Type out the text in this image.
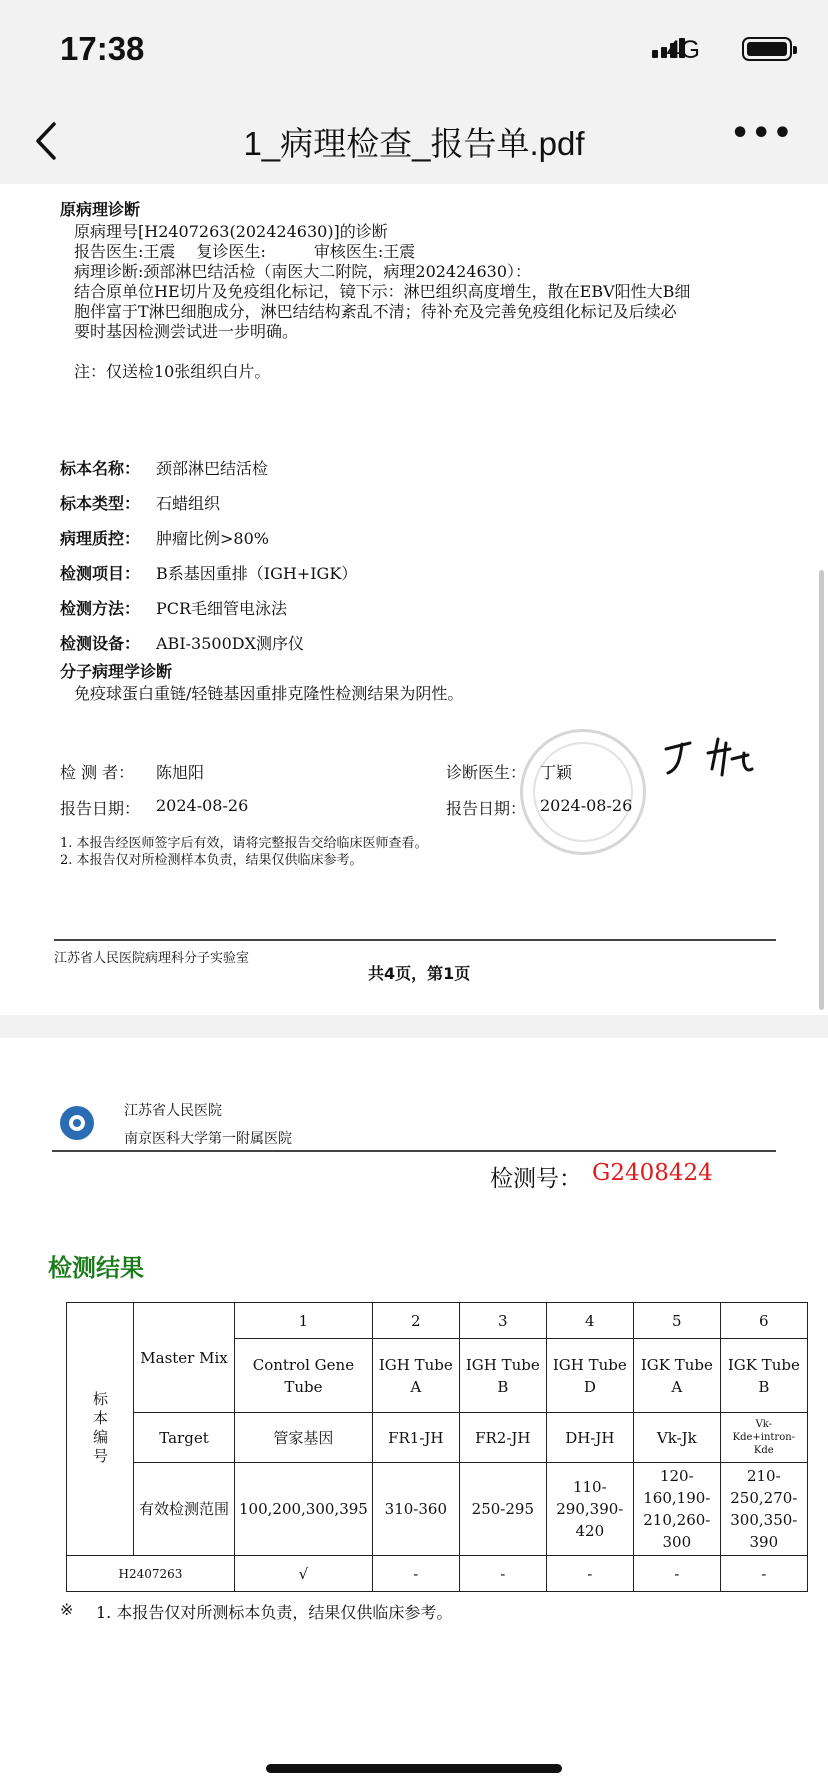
17:38	4G
1_病理检查_报告单.pdf	•••
原病理诊断
原病理号[H2407263(202424630)]的诊断
报告医生:王震　 复诊医生:　　　审核医生:王震
病理诊断:颈部淋巴结活检（南医大二附院，病理202424630）：
结合原单位HE切片及免疫组化标记，镜下示：淋巴组织高度增生，散在EBV阳性大B细
胞伴富于T淋巴细胞成分，淋巴结结构紊乱不清；待补充及完善免疫组化标记及后续必
要时基因检测尝试进一步明确。
注：仅送检10张组织白片。
标本名称： 颈部淋巴结活检
标本类型： 石蜡组织
病理质控： 肿瘤比例>80%
检测项目： B系基因重排（IGH+IGK）
检测方法： PCR毛细管电泳法
检测设备： ABI-3500DX测序仪
分子病理学诊断
免疫球蛋白重链/轻链基因重排克隆性检测结果为阴性。
检 测 者： 陈旭阳	诊断医生： 丁颖
报告日期： 2024-08-26	报告日期： 2024-08-26
1. 本报告经医师签字后有效，请将完整报告交给临床医师查看。
2. 本报告仅对所检测样本负责，结果仅供临床参考。
江苏省人民医院病理科分子实验室
共4页，第1页
江苏省人民医院
南京医科大学第一附属医院
检测号： G2408424
检测结果
标本编号	Master Mix	1	2	3	4	5	6
		Control Gene Tube	IGH Tube A	IGH Tube B	IGH Tube D	IGK Tube A	IGK Tube B
	Target	管家基因	FR1-JH	FR2-JH	DH-JH	Vk-Jk	Vk-Kde+intron-Kde
	有效检测范围	100,200,300,395	310-360	250-295	110-290,390-420	120-160,190-210,260-300	210-250,270-300,350-390
H2407263		√	-	-	-	-	-
※ 1. 本报告仅对所测标本负责，结果仅供临床参考。
